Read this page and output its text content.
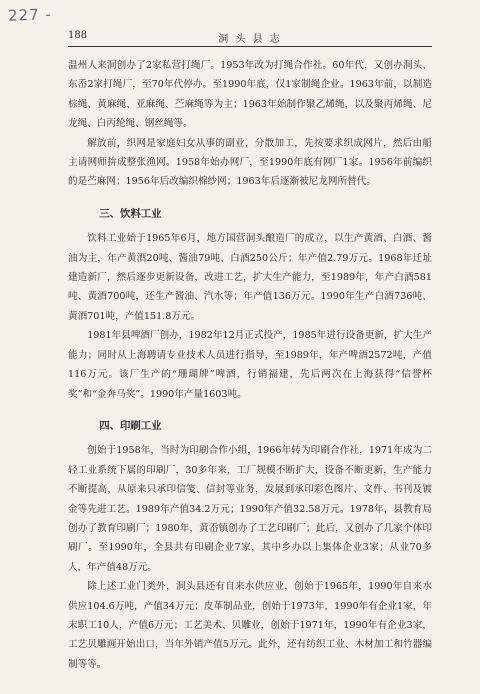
227 -
188	洞 头 县 志

温州人来洞创办了2家私营打绳厂。1953年改为打绳合作社。60年代，又创办洞头、东岙2家打绳厂，至70年代停办。至1990年底，仅1家制绳企业。1963年前，以制造棕绳、黄麻绳、亚麻绳、苎麻绳等为主；1963年始制作聚乙烯绳，以及聚丙烯绳、尼龙绳、白丙纶绳、钢丝绳等。

解放前，织网是家庭妇女从事的副业，分散加工，先按要求织成网片，然后由船主请网师拚成整张渔网。1958年始办网厂，至1990年底有网厂1家。1956年前编织的是苎麻网；1956年后改编织棉纱网；1963年后逐渐被尼龙网所替代。

三、饮料工业

饮料工业始于1965年6月，地方国营洞头酿造厂的成立，以生产黄酒、白酒、酱油为主，年产黄酒20吨、酱油79吨、白酒250公斤；年产值2.79万元。1968年迁址建造新厂，然后逐步更新设备，改进工艺，扩大生产能力，至1989年，年产白酒581吨、黄酒700吨，还生产酱油、汽水等；年产值136万元。1990年生产白酒736吨、黄酒701吨，产值151.8万元。

1981年县啤酒厂创办，1982年12月正式投产，1985年进行设备更新，扩大生产能力；同时从上海聘请专业技术人员进行指导，至1989年，年产啤酒2572吨，产值116万元。该厂生产的“珊瑚牌”啤酒，行销福建，先后两次在上海获得“信誉杯奖”和“金奔马奖”。1990年产量1603吨。

四、印刷工业

创始于1958年，当时为印刷合作小组，1966年转为印刷合作社，1971年成为二轻工业系统下属的印刷厂，30多年来，工厂规模不断扩大，设备不断更新，生产能力不断提高，从原来只承印信笺、信封等业务，发展到承印彩色图片、文件、书刊及镀金等先进工艺。1989年产值34.2万元；1990年产值32.58万元。1978年，县教育局创办了教育印刷厂；1980年，黄岙镇创办了工艺印刷厂；此后，又创办了几家个体印刷厂。至1990年，全县共有印刷企业7家，其中乡办以上集体企业3家；从业70多人，年产值48万元。

除上述工业门类外，洞头县还有自来水供应业，创始于1965年，1990年自来水供应104.6万吨，产值34万元；皮革制品业，创始于1973年，1990年有企业1家，年末职工10人，产值6万元；工艺美术、贝雕业，创始于1971年，1990年有企业3家，工艺贝雕画开始出口，当年外销产值5万元。此外，还有纺织工业、木材加工和竹器编制等等。
